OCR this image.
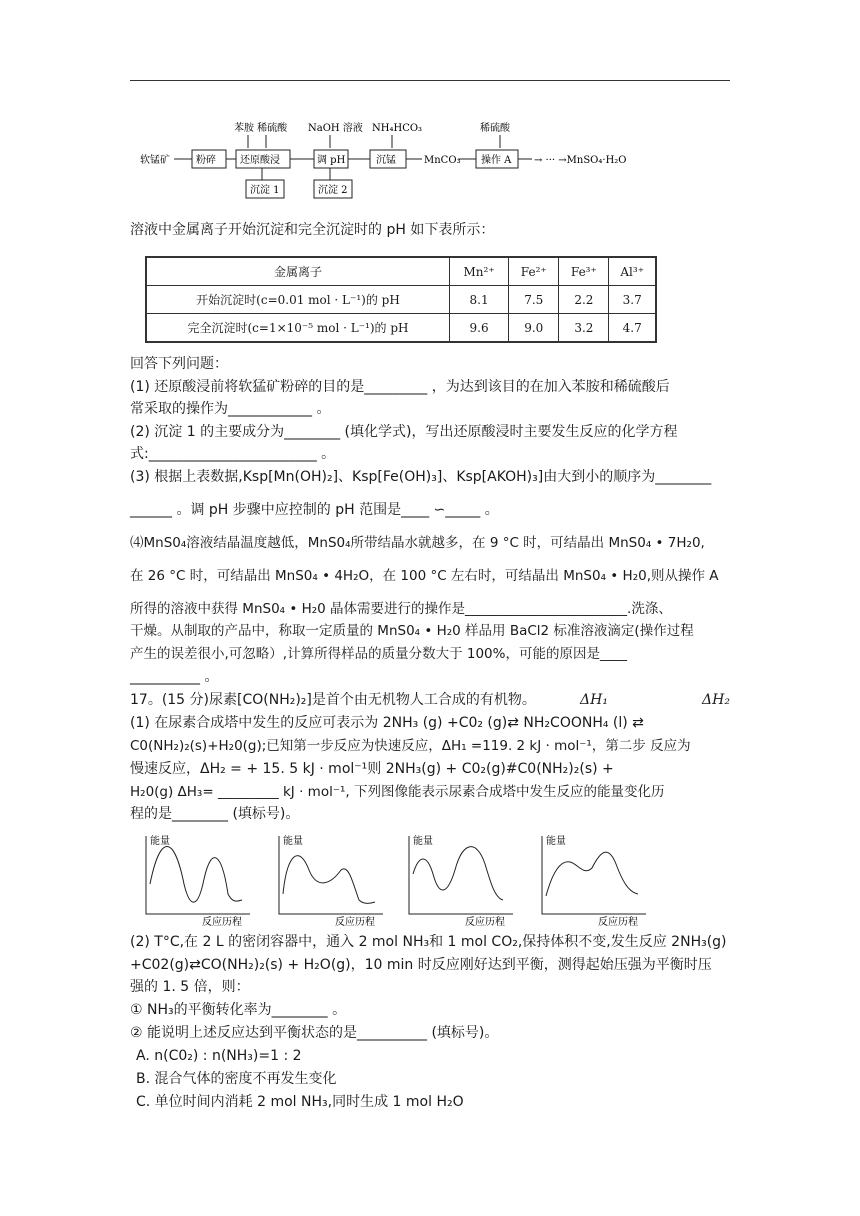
苯胺 稀硫酸 NaOH 溶液 NH₄HCO₃	稀硫酸
软锰矿	粉碎 还原酸浸	调 pH	沉锰	MnCO₃ 操作 A → ··· →MnSO₄·H₂O
沉淀 1	沉淀 2
溶液中金属离子开始沉淀和完全沉淀时的 pH 如下表所示：
金属离子	Mn²⁺	Fe²⁺	Fe³⁺	Al³⁺
开始沉淀时(c=0.01 mol · L⁻¹)的 pH	8.1	7.5	2.2	3.7
完全沉淀时(c=1×10⁻⁵ mol · L⁻¹)的 pH	9.6	9.0	3.2	4.7
回答下列问题：
(1) 还原酸浸前将软猛矿粉碎的目的是_________ ，为达到该目的在加入苯胺和稀硫酸后
常采取的操作为____________ 。
(2) 沉淀 1 的主要成分为________ (填化学式)，写出还原酸浸时主要发生反应的化学方程
式:________________________ 。
(3) 根据上表数据,Ksp[Mn(OH)₂]、Ksp[Fe(OH)₃]、Ksp[AKOH)₃]由大到小的顺序为________
______ 。调 pH 步骤中应控制的 pH 范围是____ ∽_____ 。
⑷MnS0₄溶液结晶温度越低，MnS0₄所带结晶水就越多，在 9 °C 时，可结晶出 MnS0₄ • 7H₂0,
在 26 °C 时，可结晶出 MnS0₄ • 4H₂O，在 100 °C 左右时，可结晶出 MnS0₄ • H₂0,则从操作 A
所得的溶液中获得 MnS0₄ • H₂0 晶体需要进行的操作是________________________.洗涤、
干燥。从制取的产品中，称取一定质量的 MnS0₄ • H₂0 样品用 BaCl2 标准溶液滴定(操作过程
产生的误差很小,可忽略）,计算所得样品的质量分数大于 100%，可能的原因是____
__________ 。
17。(15 分)尿素[CO(NH₂)₂]是首个由无机物人工合成的有机物。	ΔH₁	ΔH₂
(1) 在尿素合成塔中发生的反应可表示为 2NH₃ (g) +C0₂ (g)⇄ NH₂COONH₄ (l) ⇄
C0(NH₂)₂(s)+H₂0(g);已知第一步反应为快速反应，ΔH₁ =119. 2 kJ · mol⁻¹，第二步 反应为
慢速反应，ΔH₂ = + 15. 5 kJ · mol⁻¹则 2NH₃(g) + C0₂(g)#C0(NH₂)₂(s) +
H₂0(g) ΔH₃= _________ kJ · mol⁻¹, 下列图像能表示尿素合成塔中发生反应的能量变化历
程的是________ (填标号)。
能量
反应历程
能量
反应历程
能量
反应历程
能量
反应历程
(2) T°C,在 2 L 的密闭容器中，通入 2 mol NH₃和 1 mol CO₂,保持体积不变,发生反应 2NH₃(g)
+C02(g)⇄CO(NH₂)₂(s) + H₂O(g)，10 min 时反应刚好达到平衡，测得起始压强为平衡时压
强的 1. 5 倍，则：
① NH₃的平衡转化率为________ 。
② 能说明上述反应达到平衡状态的是__________ (填标号)。
A. n(C0₂) : n(NH₃)=1 : 2
B. 混合气体的密度不再发生变化
C. 单位时间内消耗 2 mol NH₃,同时生成 1 mol H₂O
